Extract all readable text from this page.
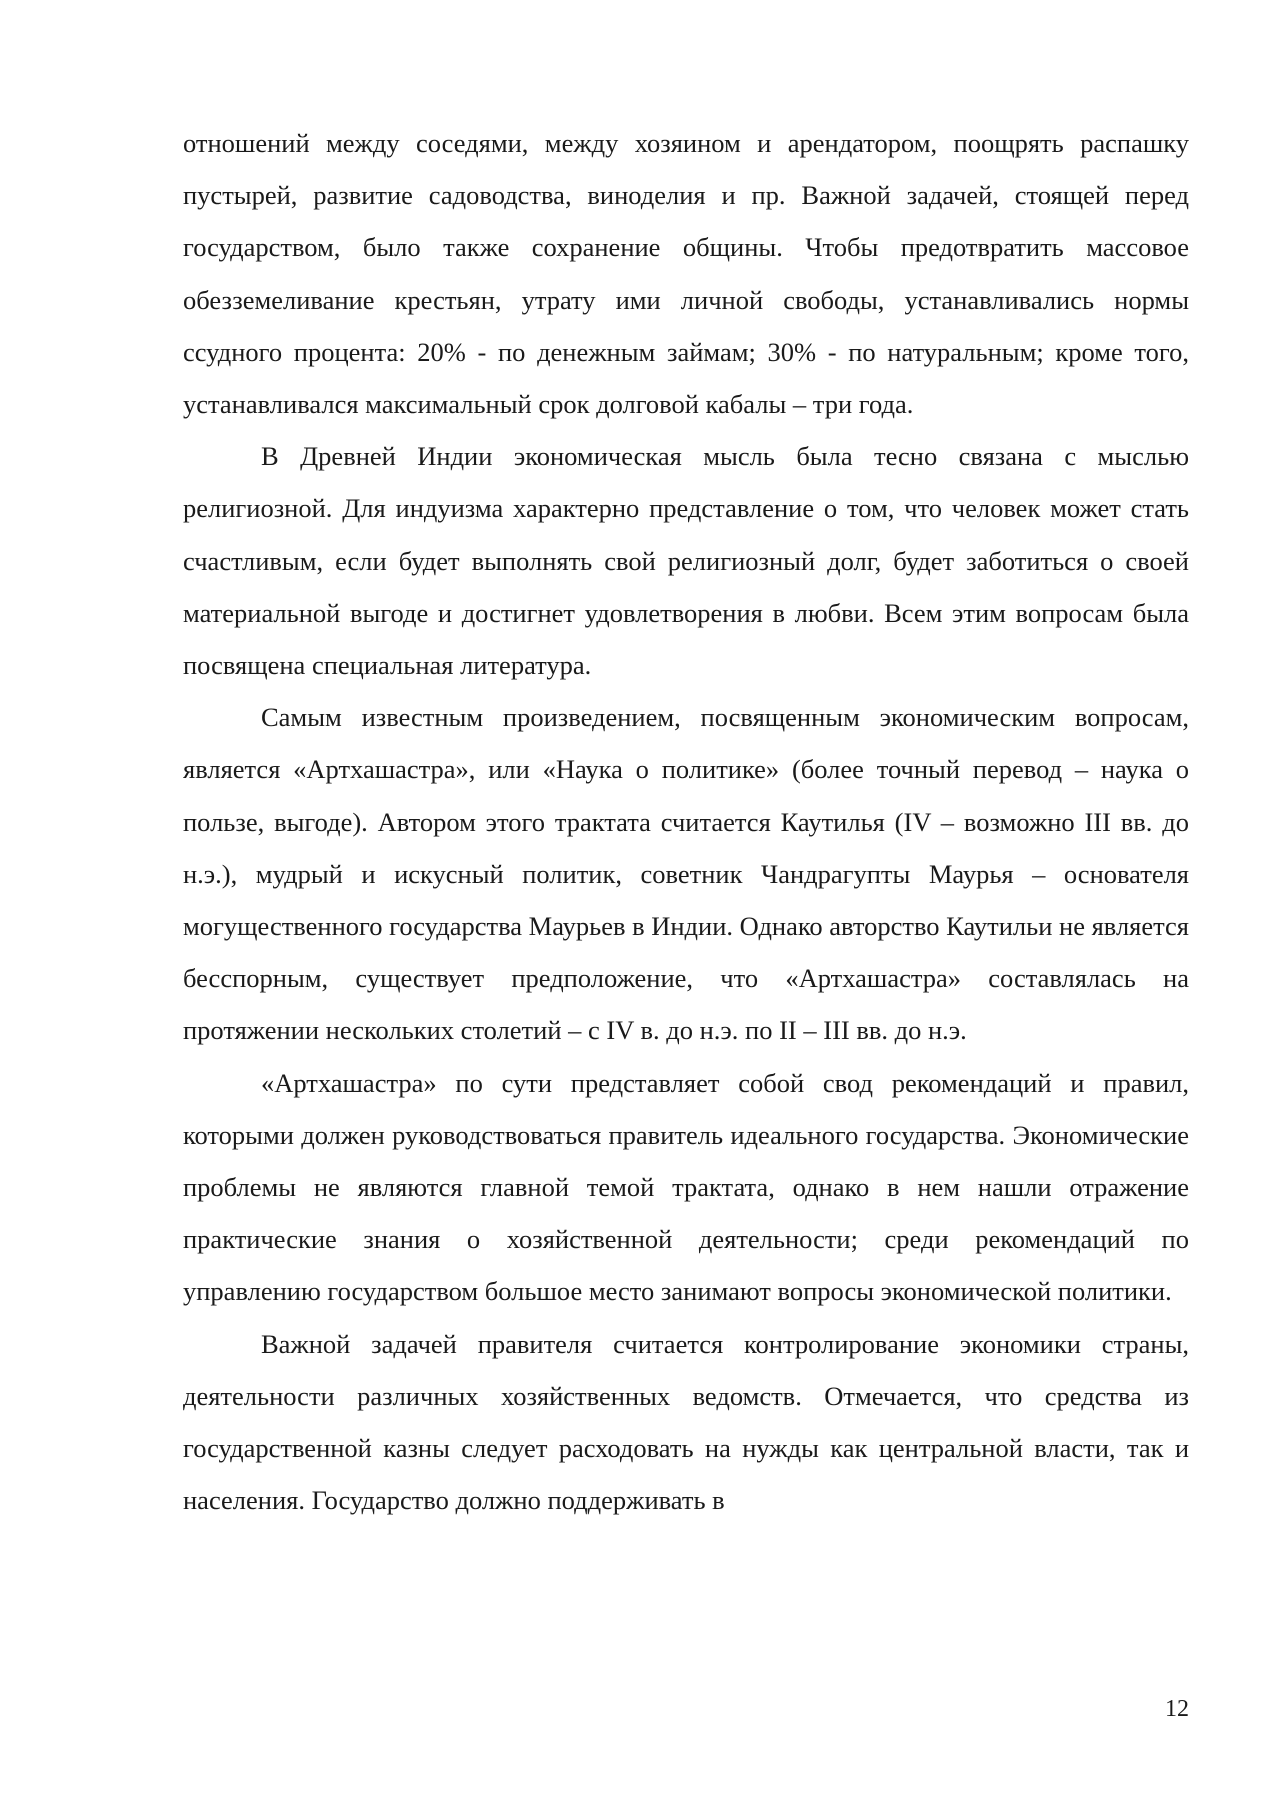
отношений между соседями, между хозяином и арендатором, поощрять распашку пустырей, развитие садоводства, виноделия и пр. Важной задачей, стоящей перед государством, было также сохранение общины. Чтобы предотвратить массовое обезземеливание крестьян, утрату ими личной свободы, устанавливались нормы ссудного процента: 20% - по денежным займам; 30% - по натуральным; кроме того, устанавливался максимальный срок долговой кабалы – три года.

В Древней Индии экономическая мысль была тесно связана с мыслью религиозной. Для индуизма характерно представление о том, что человек может стать счастливым, если будет выполнять свой религиозный долг, будет заботиться о своей материальной выгоде и достигнет удовлетворения в любви. Всем этим вопросам была посвящена специальная литература.

Самым известным произведением, посвященным экономическим вопросам, является «Артхашастра», или «Наука о политике» (более точный перевод – наука о пользе, выгоде). Автором этого трактата считается Каутилья (IV – возможно III вв. до н.э.), мудрый и искусный политик, советник Чандрагупты Маурья – основателя могущественного государства Маурьев в Индии. Однако авторство Каутильи не является бесспорным, существует предположение, что «Артхашастра» составлялась на протяжении нескольких столетий – с IV в. до н.э. по II – III вв. до н.э.

«Артхашастра» по сути представляет собой свод рекомендаций и правил, которыми должен руководствоваться правитель идеального государства. Экономические проблемы не являются главной темой трактата, однако в нем нашли отражение практические знания о хозяйственной деятельности; среди рекомендаций по управлению государством большое место занимают вопросы экономической политики.

Важной задачей правителя считается контролирование экономики страны, деятельности различных хозяйственных ведомств. Отмечается, что средства из государственной казны следует расходовать на нужды как центральной власти, так и населения. Государство должно поддерживать в

12
